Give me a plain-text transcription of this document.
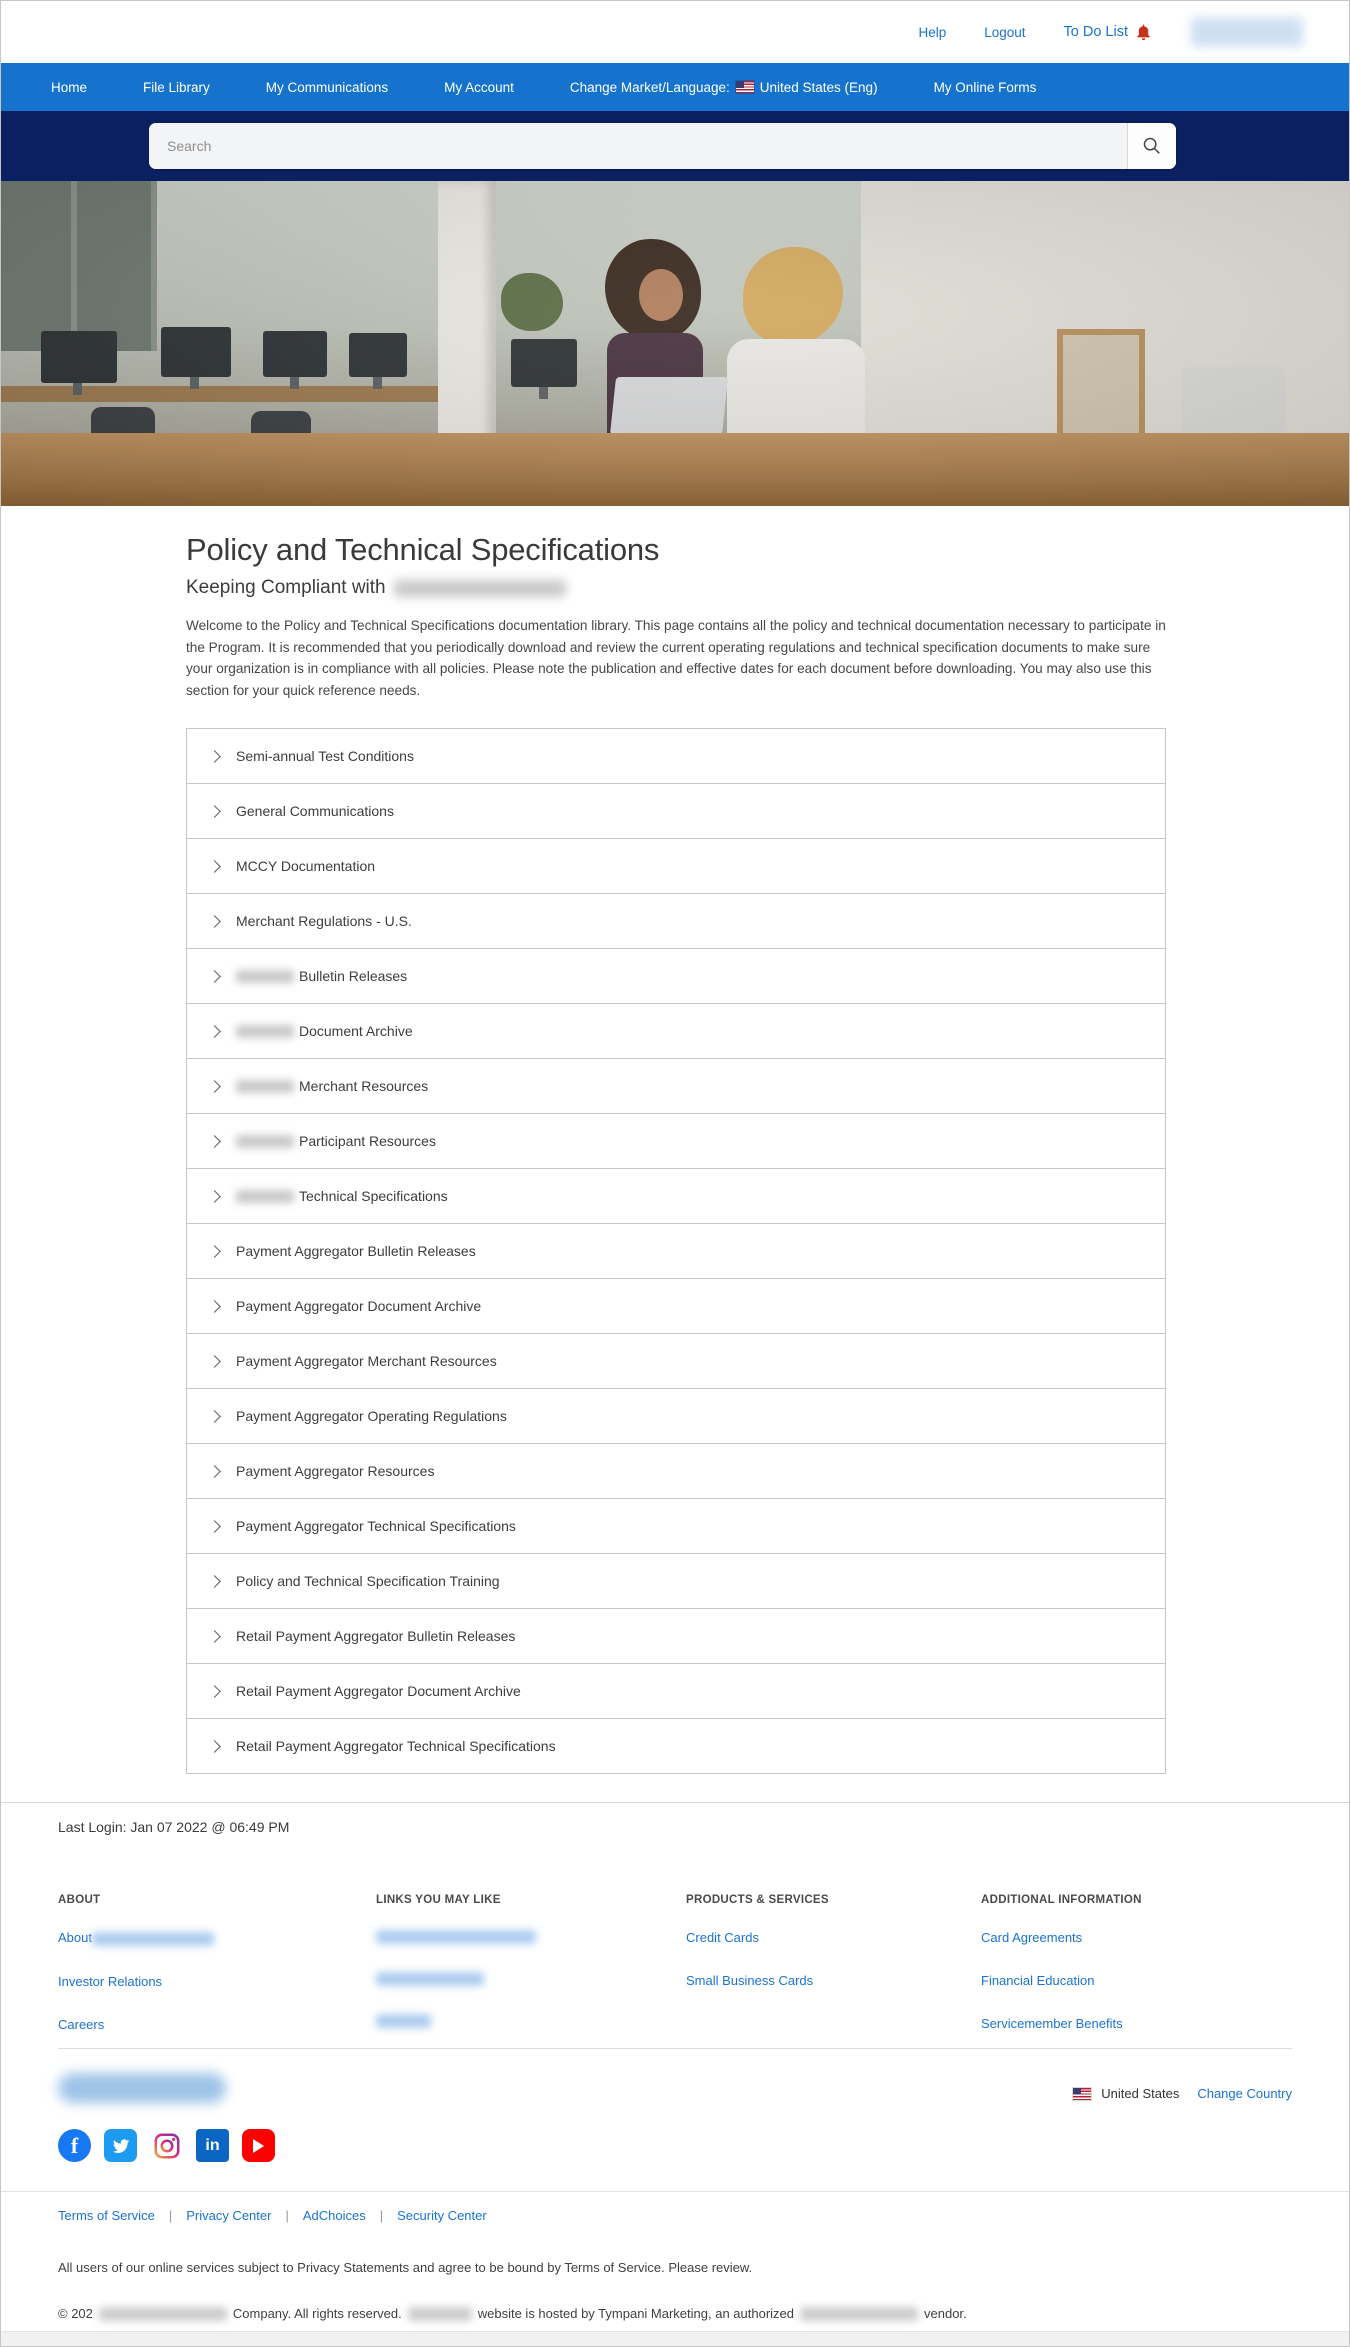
Help	Logout	To Do List
Home	File Library	My Communications	My Account	Change Market/Language: United States (Eng)	My Online Forms
Search
Policy and Technical Specifications
Keeping Compliant with
Welcome to the Policy and Technical Specifications documentation library. This page contains all the policy and technical documentation necessary to participate in the Program. It is recommended that you periodically download and review the current operating regulations and technical specification documents to make sure your organization is in compliance with all policies. Please note the publication and effective dates for each document before downloading. You may also use this section for your quick reference needs.
Semi-annual Test Conditions
General Communications
MCCY Documentation
Merchant Regulations - U.S.
Bulletin Releases
Document Archive
Merchant Resources
Participant Resources
Technical Specifications
Payment Aggregator Bulletin Releases
Payment Aggregator Document Archive
Payment Aggregator Merchant Resources
Payment Aggregator Operating Regulations
Payment Aggregator Resources
Payment Aggregator Technical Specifications
Policy and Technical Specification Training
Retail Payment Aggregator Bulletin Releases
Retail Payment Aggregator Document Archive
Retail Payment Aggregator Technical Specifications
Last Login: Jan 07 2022 @ 06:49 PM
ABOUT
About
Investor Relations
Careers
LINKS YOU MAY LIKE	PRODUCTS & SERVICES
Credit Cards
Small Business Cards
ADDITIONAL INFORMATION
Card Agreements
Financial Education
Servicemember Benefits
United States Change Country
f	in
Terms of Service | Privacy Center | AdChoices | Security Center
All users of our online services subject to Privacy Statements and agree to be bound by Terms of Service. Please review.
© 202	Company. All rights reserved.	website is hosted by Tympani Marketing, an authorized	vendor.
